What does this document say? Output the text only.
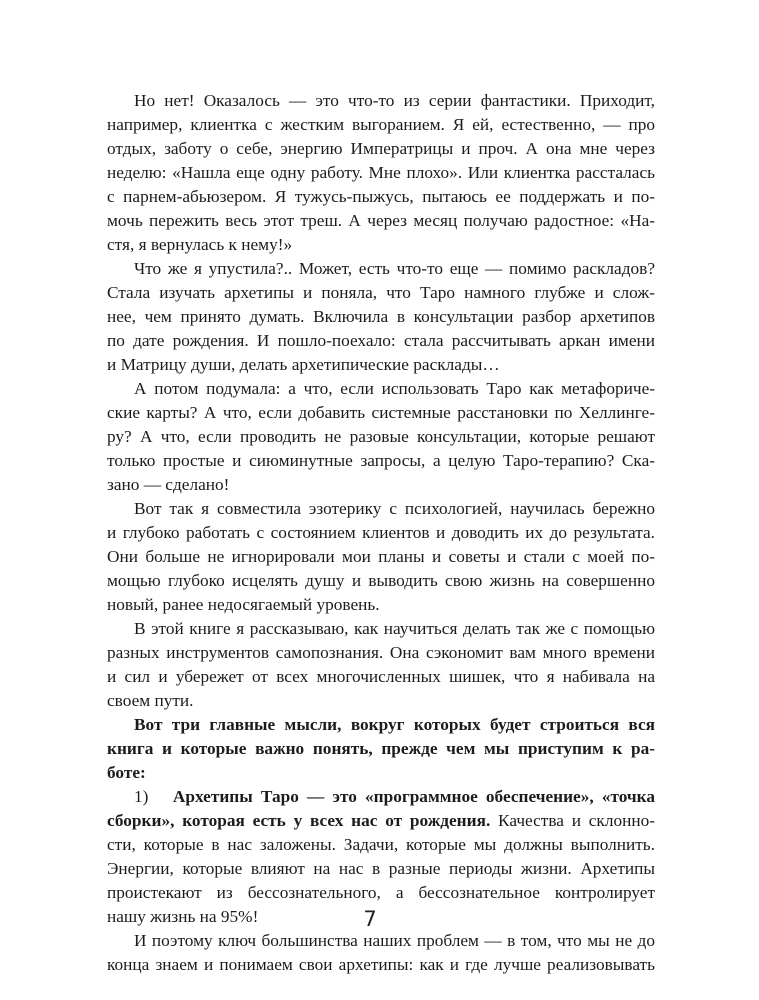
Но нет! Оказалось — это что-то из серии фантастики. Приходит,
например, клиентка с жестким выгоранием. Я ей, естественно, — про
отдых, заботу о себе, энергию Императрицы и проч. А она мне через
неделю: «Нашла еще одну работу. Мне плохо». Или клиентка рассталась
с парнем-абьюзером. Я тужусь-пыжусь, пытаюсь ее поддержать и по-
мочь пережить весь этот треш. А через месяц получаю радостное: «На-
стя, я вернулась к нему!»
Что же я упустила?.. Может, есть что-то еще — помимо раскладов?
Стала изучать архетипы и поняла, что Таро намного глубже и слож-
нее, чем принято думать. Включила в консультации разбор архетипов
по дате рождения. И пошло-поехало: стала рассчитывать аркан имени
и Матрицу души, делать архетипические расклады…
А потом подумала: а что, если использовать Таро как метафориче-
ские карты? А что, если добавить системные расстановки по Хеллинге-
ру? А что, если проводить не разовые консультации, которые решают
только простые и сиюминутные запросы, а целую Таро-терапию? Ска-
зано — сделано!
Вот так я совместила эзотерику с психологией, научилась бережно
и глубоко работать с состоянием клиентов и доводить их до результата.
Они больше не игнорировали мои планы и советы и стали с моей по-
мощью глубоко исцелять душу и выводить свою жизнь на совершенно
новый, ранее недосягаемый уровень.
В этой книге я рассказываю, как научиться делать так же с помощью
разных инструментов самопознания. Она сэкономит вам много времени
и сил и убережет от всех многочисленных шишек, что я набивала на
своем пути.
Вот три главные мысли, вокруг которых будет строиться вся
книга и которые важно понять, прежде чем мы приступим к ра-
боте:
1) Архетипы Таро — это «программное обеспечение», «точка
сборки», которая есть у всех нас от рождения. Качества и склонно-
сти, которые в нас заложены. Задачи, которые мы должны выполнить.
Энергии, которые влияют на нас в разные периоды жизни. Архетипы
проистекают из бессознательного, а бессознательное контролирует
нашу жизнь на 95%!
И поэтому ключ большинства наших проблем — в том, что мы не до
конца знаем и понимаем свои архетипы: как и где лучше реализовывать
7
